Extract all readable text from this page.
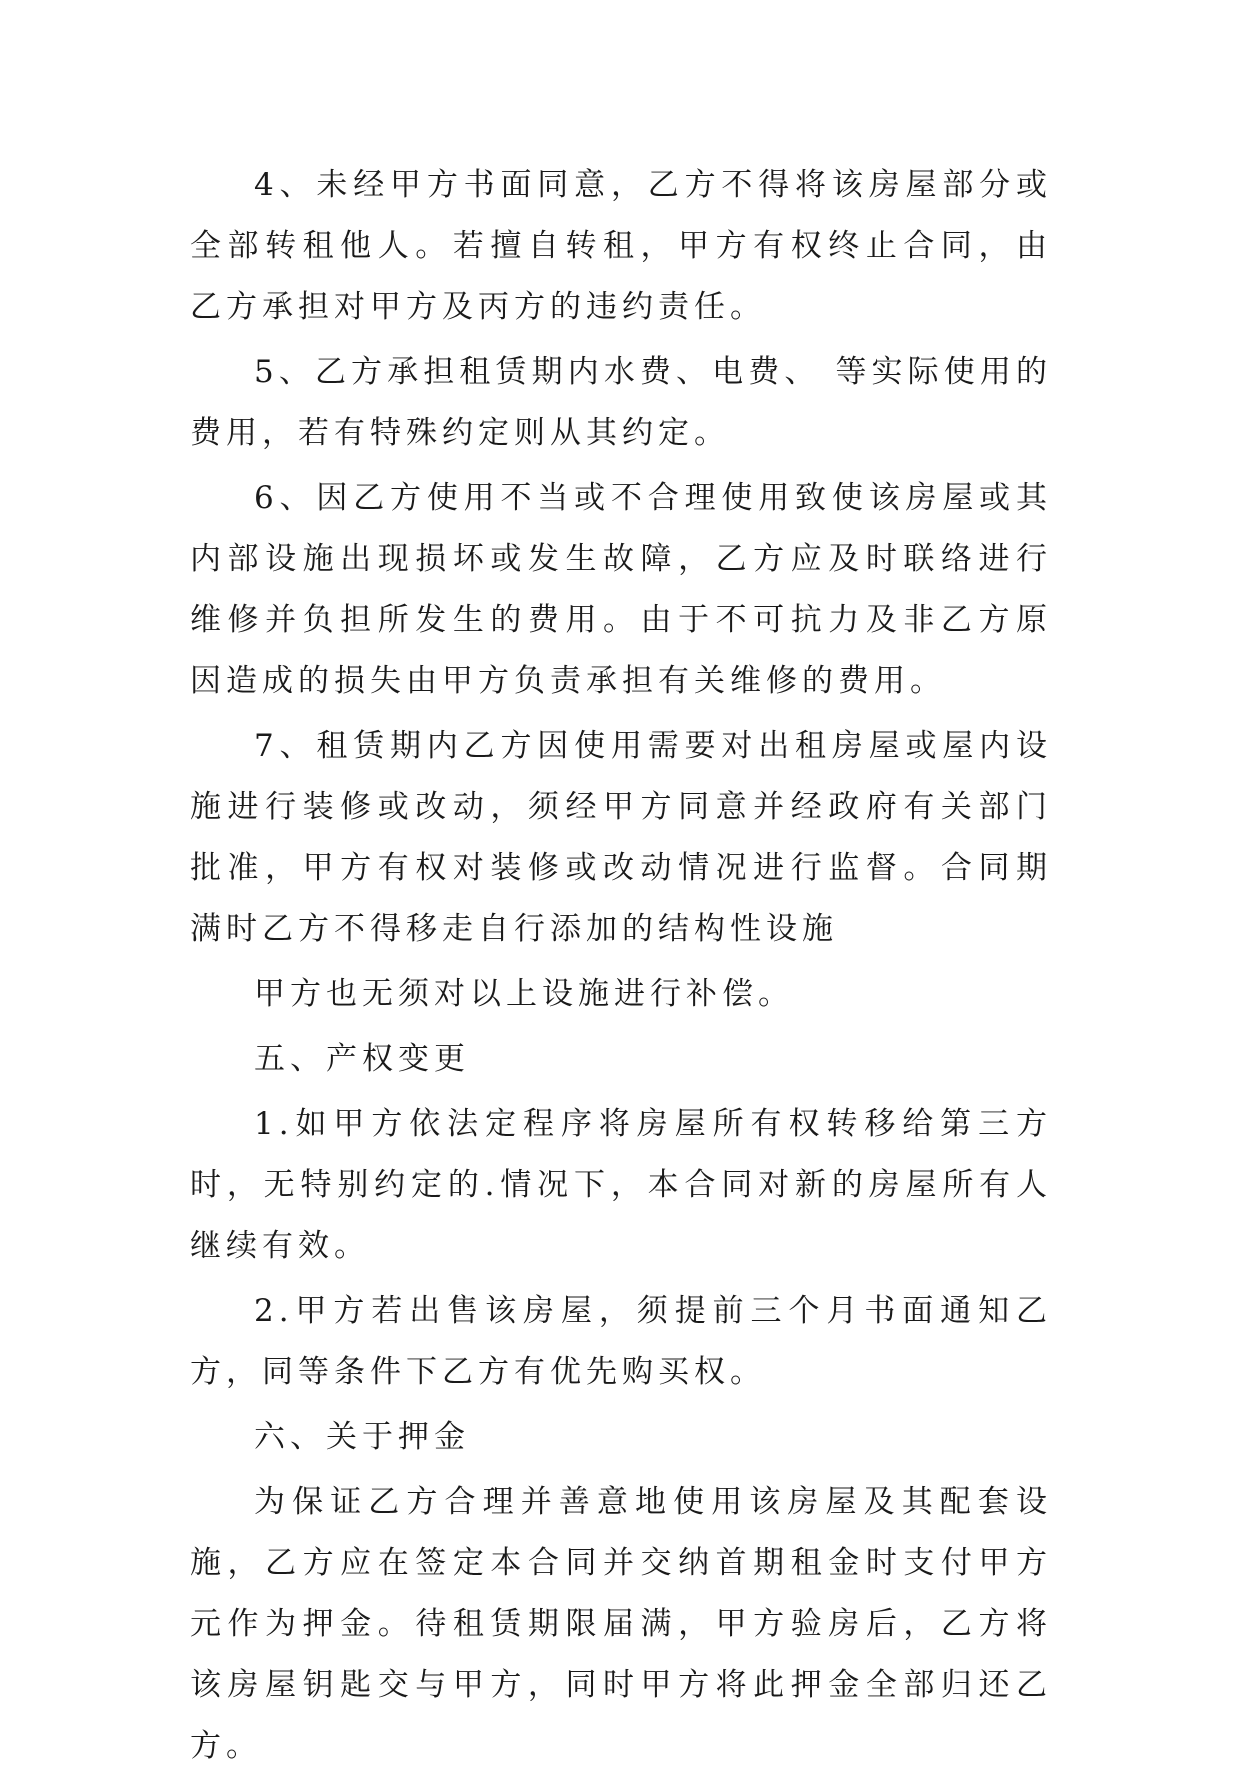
4、未经甲方书面同意，乙方不得将该房屋部分或全部转租他人。若擅自转租，甲方有权终止合同，由乙方承担对甲方及丙方的违约责任。

5、乙方承担租赁期内水费、电费、 等实际使用的费用，若有特殊约定则从其约定。

6、因乙方使用不当或不合理使用致使该房屋或其内部设施出现损坏或发生故障，乙方应及时联络进行维修并负担所发生的费用。由于不可抗力及非乙方原因造成的损失由甲方负责承担有关维修的费用。

7、租赁期内乙方因使用需要对出租房屋或屋内设施进行装修或改动，须经甲方同意并经政府有关部门批准，甲方有权对装修或改动情况进行监督。合同期满时乙方不得移走自行添加的结构性设施

甲方也无须对以上设施进行补偿。

五、产权变更

1.如甲方依法定程序将房屋所有权转移给第三方时，无特别约定的.情况下，本合同对新的房屋所有人继续有效。

2.甲方若出售该房屋，须提前三个月书面通知乙方，同等条件下乙方有优先购买权。

六、关于押金

为保证乙方合理并善意地使用该房屋及其配套设施，乙方应在签定本合同并交纳首期租金时支付甲方 元作为押金。待租赁期限届满，甲方验房后，乙方将该房屋钥匙交与甲方，同时甲方将此押金全部归还乙方。
